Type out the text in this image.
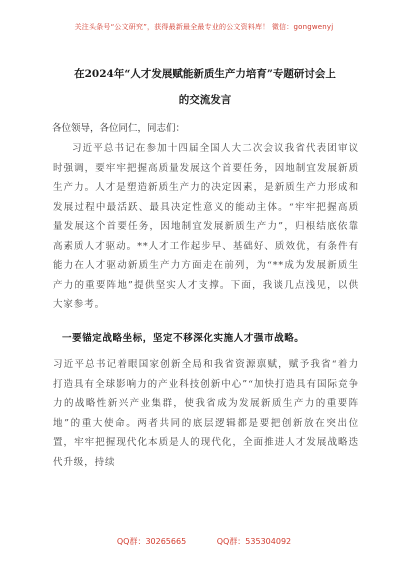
关注头条号“公文研究”，获得最新最全最专业的公文资料库！ 微信：gongwenyj
在2024年“人才发展赋能新质生产力培育”专题研讨会上
的交流发言
各位领导，各位同仁，同志们：
习近平总书记在参加十四届全国人大二次会议我省代表团审议时强调，要牢牢把握高质量发展这个首要任务，因地制宜发展新质生产力。人才是塑造新质生产力的决定因素，是新质生产力形成和发展过程中最活跃、最具决定性意义的能动主体。“牢牢把握高质量发展这个首要任务，因地制宜发展新质生产力”，归根结底依靠高素质人才驱动。**人才工作起步早、基础好、质效优，有条件有能力在人才驱动新质生产力方面走在前列，为“**成为发展新质生产力的重要阵地”提供坚实人才支撑。下面，我谈几点浅见，以供大家参考。
一要锚定战略坐标，坚定不移深化实施人才强市战略。
习近平总书记着眼国家创新全局和我省资源禀赋，赋予我省“着力打造具有全球影响力的产业科技创新中心”“加快打造具有国际竞争力的战略性新兴产业集群，使我省成为发展新质生产力的重要阵地”的重大使命。两者共同的底层逻辑都是要把创新放在突出位置，牢牢把握现代化本质是人的现代化，全面推进人才发展战略迭代升级，持续
QQ群：30265665	QQ群：535304092
